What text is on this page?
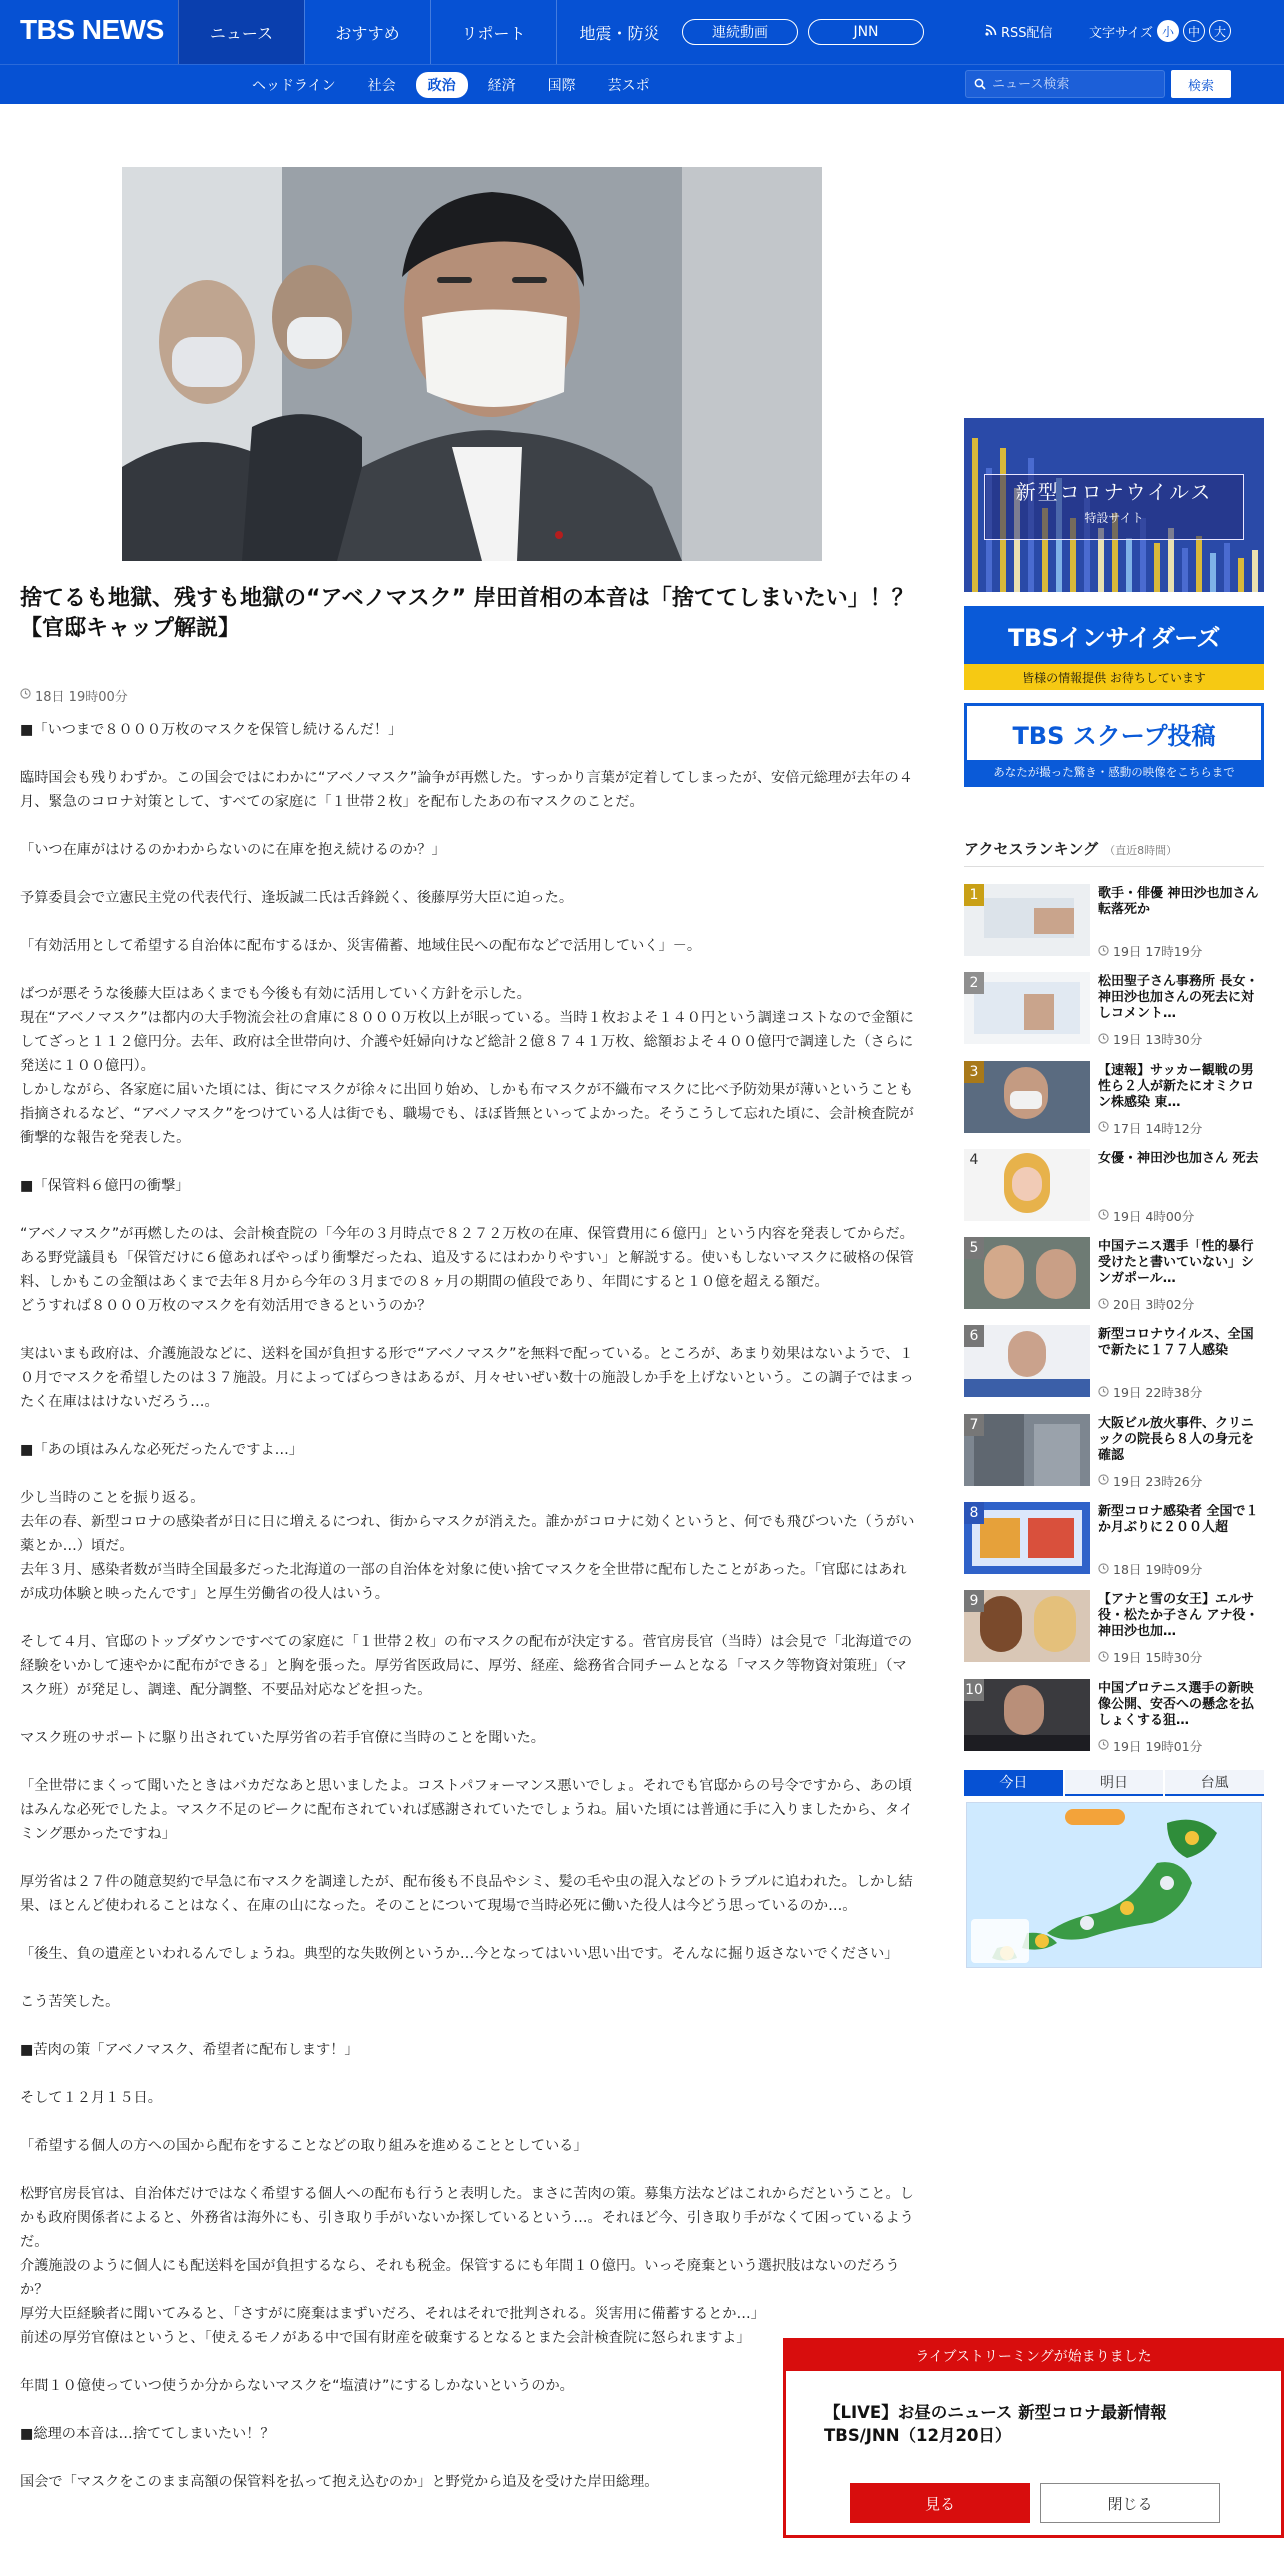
TBS NEWS	ニュース	おすすめ	リポート	地震・防災	連続動画	JNN	RSS配信	文字サイズ 小	中	大
ヘッドライン	社会	政治	経済	国際	芸スポ
ニュース検索	検索
捨てるも地獄、残すも地獄の“アベノマスク” 岸田首相の本音は「捨ててしまいたい」！？【官邸キャップ解説】
18日 19時00分

■「いつまで８０００万枚のマスクを保管し続けるんだ！」

臨時国会も残りわずか。この国会ではにわかに“アベノマスク”論争が再燃した。すっかり言葉が定着してしまったが、安倍元総理が去年の４月、緊急のコロナ対策として、すべての家庭に「１世帯２枚」を配布したあの布マスクのことだ。

「いつ在庫がはけるのかわからないのに在庫を抱え続けるのか？」

予算委員会で立憲民主党の代表代行、逢坂誠二氏は舌鋒鋭く、後藤厚労大臣に迫った。

「有効活用として希望する自治体に配布するほか、災害備蓄、地域住民への配布などで活用していく」－。

ばつが悪そうな後藤大臣はあくまでも今後も有効に活用していく方針を示した。
現在“アベノマスク”は都内の大手物流会社の倉庫に８０００万枚以上が眠っている。当時１枚およそ１４０円という調達コストなので金額にしてざっと１１２億円分。去年、政府は全世帯向け、介護や妊婦向けなど総計２億８７４１万枚、総額およそ４００億円で調達した（さらに発送に１００億円）。
しかしながら、各家庭に届いた頃には、街にマスクが徐々に出回り始め、しかも布マスクが不織布マスクに比べ予防効果が薄いということも指摘されるなど、“アベノマスク”をつけている人は街でも、職場でも、ほぼ皆無といってよかった。そうこうして忘れた頃に、会計検査院が衝撃的な報告を発表した。

■「保管料６億円の衝撃」

“アベノマスク”が再燃したのは、会計検査院の「今年の３月時点で８２７２万枚の在庫、保管費用に６億円」という内容を発表してからだ。ある野党議員も「保管だけに６億あればやっぱり衝撃だったね、追及するにはわかりやすい」と解説する。使いもしないマスクに破格の保管料、しかもこの金額はあくまで去年８月から今年の３月までの８ヶ月の期間の値段であり、年間にすると１０億を超える額だ。
どうすれば８０００万枚のマスクを有効活用できるというのか？

実はいまも政府は、介護施設などに、送料を国が負担する形で“アベノマスク”を無料で配っている。ところが、あまり効果はないようで、１０月でマスクを希望したのは３７施設。月によってばらつきはあるが、月々せいぜい数十の施設しか手を上げないという。この調子ではまったく在庫ははけないだろう…。

■「あの頃はみんな必死だったんですよ…」

少し当時のことを振り返る。
去年の春、新型コロナの感染者が日に日に増えるにつれ、街からマスクが消えた。誰かがコロナに効くというと、何でも飛びついた（うがい薬とか…）頃だ。
去年３月、感染者数が当時全国最多だった北海道の一部の自治体を対象に使い捨てマスクを全世帯に配布したことがあった。「官邸にはあれが成功体験と映ったんです」と厚生労働省の役人はいう。

そして４月、官邸のトップダウンですべての家庭に「１世帯２枚」の布マスクの配布が決定する。菅官房長官（当時）は会見で「北海道での経験をいかして速やかに配布ができる」と胸を張った。厚労省医政局に、厚労、経産、総務省合同チームとなる「マスク等物資対策班」（マスク班）が発足し、調達、配分調整、不要品対応などを担った。

マスク班のサポートに駆り出されていた厚労省の若手官僚に当時のことを聞いた。

「全世帯にまくって聞いたときはバカだなあと思いましたよ。コストパフォーマンス悪いでしょ。それでも官邸からの号令ですから、あの頃はみんな必死でしたよ。マスク不足のピークに配布されていれば感謝されていたでしょうね。届いた頃には普通に手に入りましたから、タイミング悪かったですね」

厚労省は２７件の随意契約で早急に布マスクを調達したが、配布後も不良品やシミ、髪の毛や虫の混入などのトラブルに追われた。しかし結果、ほとんど使われることはなく、在庫の山になった。そのことについて現場で当時必死に働いた役人は今どう思っているのか…。

「後生、負の遺産といわれるんでしょうね。典型的な失敗例というか…今となってはいい思い出です。そんなに掘り返さないでください」

こう苦笑した。

■苦肉の策「アベノマスク、希望者に配布します！」

そして１２月１５日。

「希望する個人の方への国から配布をすることなどの取り組みを進めることとしている」

松野官房長官は、自治体だけではなく希望する個人への配布も行うと表明した。まさに苦肉の策。募集方法などはこれからだということ。しかも政府関係者によると、外務省は海外にも、引き取り手がいないか探しているという…。それほど今、引き取り手がなくて困っているようだ。
介護施設のように個人にも配送料を国が負担するなら、それも税金。保管するにも年間１０億円。いっそ廃棄という選択肢はないのだろうか？
厚労大臣経験者に聞いてみると、「さすがに廃棄はまずいだろ、それはそれで批判される。災害用に備蓄するとか…」
前述の厚労官僚はというと、「使えるモノがある中で国有財産を破棄するとなるとまた会計検査院に怒られますよ」

年間１０億使っていつ使うか分からないマスクを“塩漬け”にするしかないというのか。

■総理の本音は…捨ててしまいたい！？

国会で「マスクをこのまま高額の保管料を払って抱え込むのか」と野党から追及を受けた岸田総理。

新型コロナウイルス
特設サイト
TBSインサイダーズ
皆様の情報提供 お待ちしています
TBS スクープ投稿
あなたが撮った驚き・感動の映像をこちらまで
アクセスランキング （直近8時間）
1	歌手・俳優 神田沙也加さん 転落死か
19日 17時19分
2	松田聖子さん事務所 長女・神田沙也加さんの死去に対しコメント…
19日 13時30分
3	【速報】サッカー観戦の男性ら２人が新たにオミクロン株感染 東…
17日 14時12分
4	女優・神田沙也加さん 死去
19日 4時00分
5	中国テニス選手「性的暴行受けたと書いていない」シンガポール…
20日 3時02分
6	新型コロナウイルス、全国で新たに１７７人感染
19日 22時38分
7	大阪ビル放火事件、クリニックの院長ら８人の身元を確認
19日 23時26分
8	新型コロナ感染者 全国で１か月ぶりに２００人超
18日 19時09分
9	【アナと雪の女王】エルサ役・松たか子さん アナ役・神田沙也加…
19日 15時30分
10	中国プロテニス選手の新映像公開、安否への懸念を払しょくする狙…
19日 19時01分
今日	明日	台風
ライブストリーミングが始まりました
【LIVE】お昼のニュース 新型コロナ最新情報
TBS/JNN（12月20日）
見る	閉じる
